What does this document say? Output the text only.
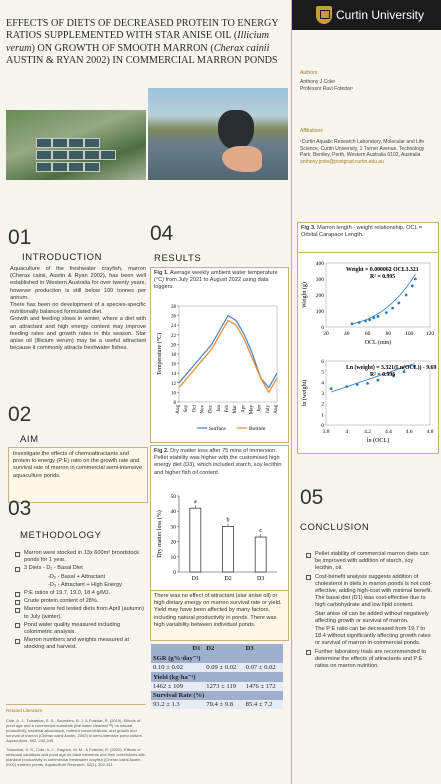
EFFECTS OF DIETS OF DECREASED PROTEIN TO ENERGY RATIOS SUPPLEMENTED WITH STAR ANISE OIL (Illicium verum) ON GROWTH OF SMOOTH MARRON (Cherax cainii AUSTIN & RYAN 2002) IN COMMERCIAL MARRON PONDS
Curtin University
Authors
Anthony J Cole¹
Professor Ravi Fotedar¹
Affiliations
¹Curtin Aquatic Research Laboratory, Molecular and Life Science, Curtin University, 1 Turner Avenue, Technology Park, Bentley, Perth, Western Australia 6102, Australia
anthony.jcole@postgrad.curtin.edu.au
01
INTRODUCTION
Aquaculture of the freshwater crayfish, marron (Cherax cainii, Austin & Ryan 2002), has been well established in Western Australia for over twenty years, however production is still below 100 tonnes per annum.
There has been no development of a species-specific nutritionally balanced formulated diet.
Growth and feeding slows in winter, where a diet with an attractant and high energy content may improve feeding rates and growth rates in this season. Star anise oil (Illicium verum) may be a useful attractant because it commonly attracts freshwater fishes.
02
AIM
Investigate the effects of chemoattractants and protein to energy (P:E) ratio on the growth rate and survival rate of marron in commercial semi-intensive aquaculture ponds.
03
METHODOLOGY
Marron were stocked in 13x 600m² broodstock ponds for 1 year.
3 Diets - D₁ - Basal Diet
-D₂ - Basal + Attractant
-D₃ - Attractant + High Energy
P:E ratios of 19.7, 19.0, 18.4 g/MJ.
Crude protein content of 28%.
Marron were fed tested diets from April (autumn) to July (winter).
Pond water quality measured including colorimetric analysis.
Marron numbers and weights measured at stocking and harvest.
Related Literature
Cole, A. J., Tulsankar, S. S., Saunders, B. J. & Fotedar, R. (2019). Effects of pond age and a commercial substrate (the water cleanser™) on natural productivity, bacterial abundance, nutrient concentrations, and growth and survival of marron (Cherax cainii Austin, 2002) in semi-intensive pond culture. Aquaculture, 502, 242-249.
Tulsankar, S. S., Cole, A. J., Gagnon, M. M., & Fotedar, R. (2020). Effects of seasonal variations and pond age on trace elements and their correlations with plankton productivity in commercial freshwater crayfish (Cherax cainii Austin, 2002) earthen ponds. Aquaculture Research, 52(1), 302-311.
04
RESULTS
Fig 1. Average weekly ambient water temperature (°C) from July 2021 to August 2022 using data loggers.
8
10
12
14
16
18
20
22
24
26
28
Aug Sep Oct Nov Dec Jan Feb Mar Apr May Jun July Aug
Temperature (°C)
Surface	Bottom
Fig 2. Dry matter loss after 75 mins of immersion. Pellet stability was higher with the customised high energy diet (D3), which included starch, soy lecithin and higher fish oil content.
0
10
20
30
40
50
Dry matter loss (%)
a
D1
b
D2
c
D3
There was no effect of attractant (star anise oil) or high dietary energy on marron survival rate or yield. Yield may have been affected by many factors, including natural productivity in ponds. There was high variability between individual ponds.
	D1	D2	D3
SGR (g%·day⁻¹)			
0.10 ± 0.02		0.09 ± 0.02	0.07 ± 0.02
Yield (kg·ha⁻¹)			
1462 ± 109		1273 ± 119	1476 ± 172
Survival Rate (%)			
93.2 ± 1.3		79.4 ± 9.8	85.4 ± 7.2
Fig 3. Marron length - weight relationship, OCL = Orbital Carapace Length.
0
100
200
300
400
20	40	60	80	100 120
Weight (g)
OCL (mm)
Weight = 0.000062 OCL3.321
R² = 0.995
0
1
2
3
4
5
6
3.8	4	4.2	4.4	4.6	4.8
ln (weight)
ln (OCL)
Ln (weight) = 3.321(Ln(OCL)) - 9.69
R² = 0.996
05
CONCLUSION
Pellet stability of commercial marron diets can be improved with addition of starch, soy lecithin, oil.
Cost-benefit analysis suggests addition of cholesterol in diets in marron ponds is not cost-effective, adding high-cost with minimal benefit. The basal diet (D1) was cost-effective due to high carbohydrate and low lipid content.
Star anise oil can be added without negatively affecting growth or survival of marron.
The P:E ratio can be decreased from 19.7 to 18.4 without significantly affecting growth rates or survival of marron in commercial ponds.
Further laboratory trials are recommended to determine the effects of attractants and P:E ratios on marron nutrition.
